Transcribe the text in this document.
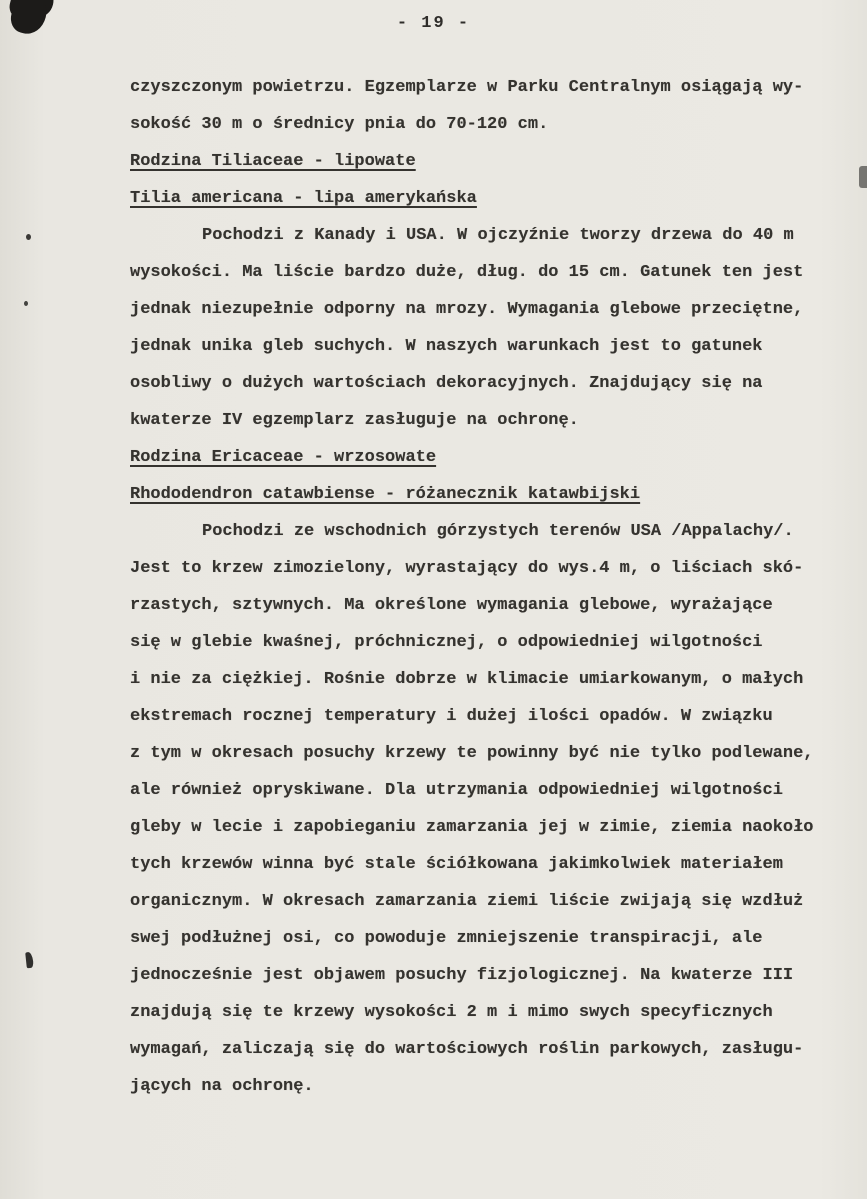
- 19 -
czyszczonym powietrzu. Egzemplarze w Parku Centralnym osiągają wy-
sokość 30 m o średnicy pnia do 70-120 cm.
Rodzina Tiliaceae - lipowate
Tilia americana - lipa amerykańska
Pochodzi z Kanady i USA. W ojczyźnie tworzy drzewa do 40 m
wysokości. Ma liście bardzo duże, dług. do 15 cm. Gatunek ten jest
jednak niezupełnie odporny na mrozy. Wymagania glebowe przeciętne,
jednak unika gleb suchych. W naszych warunkach jest to gatunek
osobliwy o dużych wartościach dekoracyjnych. Znajdujący się na
kwaterze IV egzemplarz zasługuje na ochronę.
Rodzina Ericaceae - wrzosowate
Rhododendron catawbiense - różanecznik katawbijski
Pochodzi ze wschodnich górzystych terenów USA /Appalachy/.
Jest to krzew zimozielony, wyrastający do wys.4 m, o liściach skó-
rzastych, sztywnych. Ma określone wymagania glebowe, wyrażające
się w glebie kwaśnej, próchnicznej, o odpowiedniej wilgotności
i nie za ciężkiej. Rośnie dobrze w klimacie umiarkowanym, o małych
ekstremach rocznej temperatury i dużej ilości opadów. W związku
z tym w okresach posuchy krzewy te powinny być nie tylko podlewane,
ale również opryskiwane. Dla utrzymania odpowiedniej wilgotności
gleby w lecie i zapobieganiu zamarzania jej w zimie, ziemia naokoło
tych krzewów winna być stale ściółkowana jakimkolwiek materiałem
organicznym. W okresach zamarzania ziemi liście zwijają się wzdłuż
swej podłużnej osi, co powoduje zmniejszenie transpiracji, ale
jednocześnie jest objawem posuchy fizjologicznej. Na kwaterze III
znajdują się te krzewy wysokości 2 m i mimo swych specyficznych
wymagań, zaliczają się do wartościowych roślin parkowych, zasługu-
jących na ochronę.
